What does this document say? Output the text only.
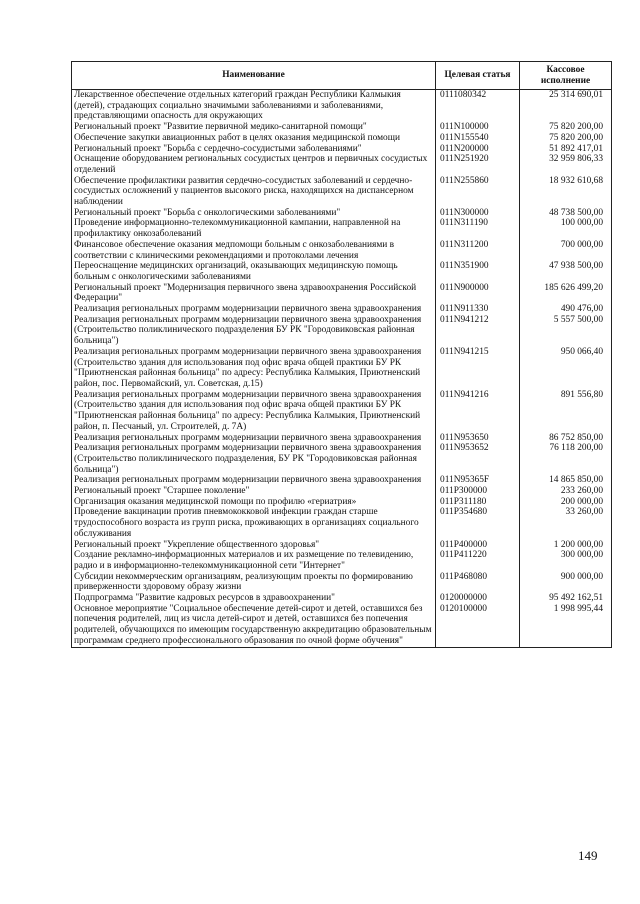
Наименование	Целевая статья	Кассовое исполнение
Лекарственное обеспечение отдельных категорий граждан Республики Калмыкия (детей), страдающих социально значимыми заболеваниями и заболеваниями, представляющими опасность для окружающих	0111080342	25 314 690,01
Региональный проект "Развитие первичной медико-санитарной помощи"	011N100000	75 820 200,00
Обеспечение закупки авиационных работ в целях оказания медицинской помощи	011N155540	75 820 200,00
Региональный проект "Борьба с сердечно-сосудистыми заболеваниями"	011N200000	51 892 417,01
Оснащение оборудованием региональных сосудистых центров и первичных сосудистых отделений	011N251920	32 959 806,33
Обеспечение профилактики развития сердечно-сосудистых заболеваний и сердечно-сосудистых осложнений у пациентов высокого риска, находящихся на диспансерном наблюдении	011N255860	18 932 610,68
Региональный проект "Борьба с онкологическими заболеваниями"	011N300000	48 738 500,00
Проведение информационно-телекоммуникационной кампании, направленной на профилактику онкозаболеваний	011N311190	100 000,00
Финансовое обеспечение оказания медпомощи больным с онкозаболеваниями в соответствии с клиническими рекомендациями и протоколами лечения	011N311200	700 000,00
Переоснащение медицинских организаций, оказывающих медицинскую помощь больным с онкологическими заболеваниями	011N351900	47 938 500,00
Региональный проект "Модернизация первичного звена здравоохранения Российской Федерации"	011N900000	185 626 499,20
Реализация региональных программ модернизации первичного звена здравоохранения	011N911330	490 476,00
Реализация региональных программ модернизации первичного звена здравоохранения (Строительство поликлинического подразделения БУ РК "Городовиковская районная больница")	011N941212	5 557 500,00
Реализация региональных программ модернизации первичного звена здравоохранения (Строительство здания для использования под офис врача общей практики БУ РК "Приютненская районная больница" по адресу: Республика Калмыкия, Приютненский район, пос. Первомайский, ул. Советская, д.15)	011N941215	950 066,40
Реализация региональных программ модернизации первичного звена здравоохранения (Строительство здания для использования под офис врача общей практики БУ РК "Приютненская районная больница" по адресу: Республика Калмыкия, Приютненский район, п. Песчаный, ул. Строителей, д. 7А)	011N941216	891 556,80
Реализация региональных программ модернизации первичного звена здравоохранения	011N953650	86 752 850,00
Реализация региональных программ модернизации первичного звена здравоохранения (Строительство поликлинического подразделения, БУ РК "Городовиковская районная больница")	011N953652	76 118 200,00
Реализация региональных программ модернизации первичного звена здравоохранения	011N95365F	14 865 850,00
Региональный проект "Старшее поколение"	011P300000	233 260,00
Организация оказания медицинской помощи по профилю «гериатрия»	011P311180	200 000,00
Проведение вакцинации против пневмококковой инфекции граждан старше трудоспособного возраста из групп риска, проживающих в организациях социального обслуживания	011P354680	33 260,00
Региональный проект "Укрепление общественного здоровья"	011P400000	1 200 000,00
Создание рекламно-информационных материалов и их размещение по телевидению, радио и в информационно-телекоммуникационной сети "Интернет"	011P411220	300 000,00
Субсидии некоммерческим организациям, реализующим проекты по формированию приверженности здоровому образу жизни	011P468080	900 000,00
Подпрограмма "Развитие кадровых ресурсов в здравоохранении"	0120000000	95 492 162,51
Основное мероприятие "Социальное обеспечение детей-сирот и детей, оставшихся без попечения родителей, лиц из числа детей-сирот и детей, оставшихся без попечения родителей, обучающихся по имеющим государственную аккредитацию образовательным программам среднего профессионального образования по очной форме обучения"	0120100000	1 998 995,44
149
